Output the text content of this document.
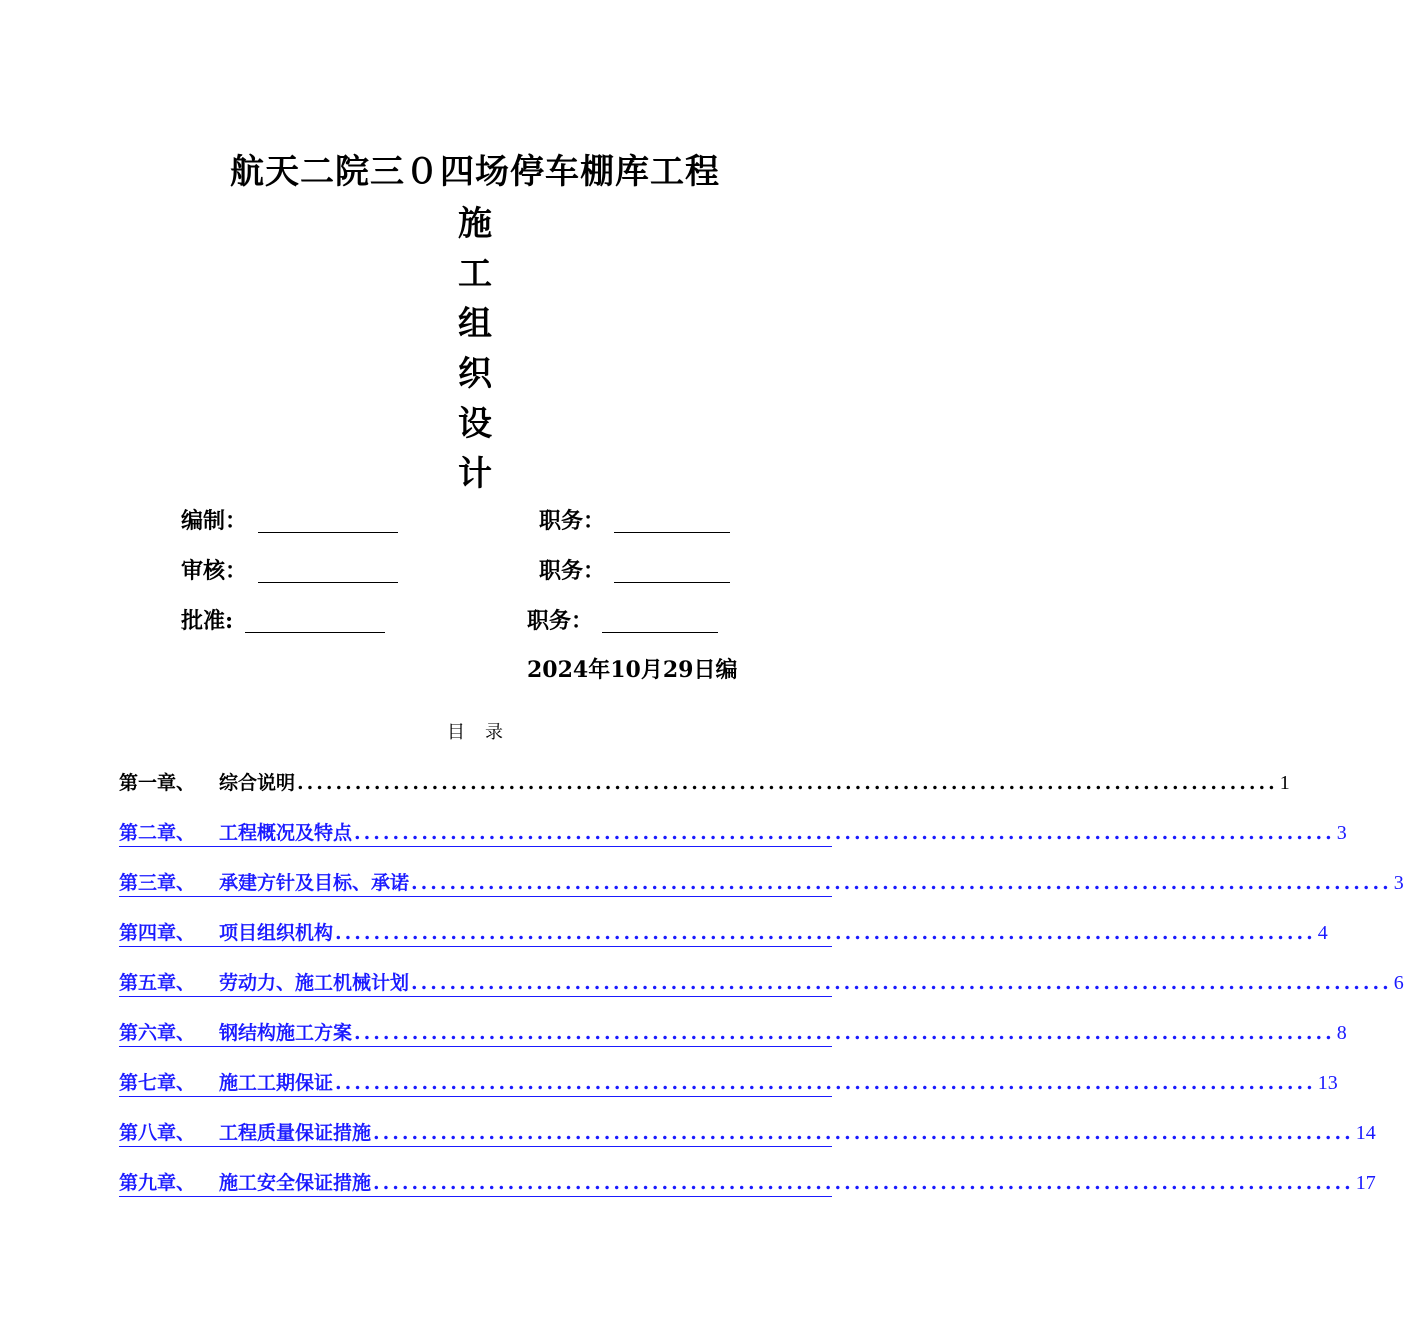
航天二院三０四场停车棚库工程
施
工
组
织
设
计
编制：	职务：
审核：	职务：
批准:	职务：
2024年10月29日编
目录
第一章、	综合说明 ...................................................................................................... 1
第二章、	工程概况及特点 ...................................................................................................... 3
第三章、	承建方针及目标、承诺 ...................................................................................................... 3
第四章、	项目组织机构 ...................................................................................................... 4
第五章、	劳动力、施工机械计划 ...................................................................................................... 6
第六章、	钢结构施工方案 ...................................................................................................... 8
第七章、	施工工期保证 ...................................................................................................... 13
第八章、	工程质量保证措施 ...................................................................................................... 14
第九章、	施工安全保证措施 ...................................................................................................... 17
